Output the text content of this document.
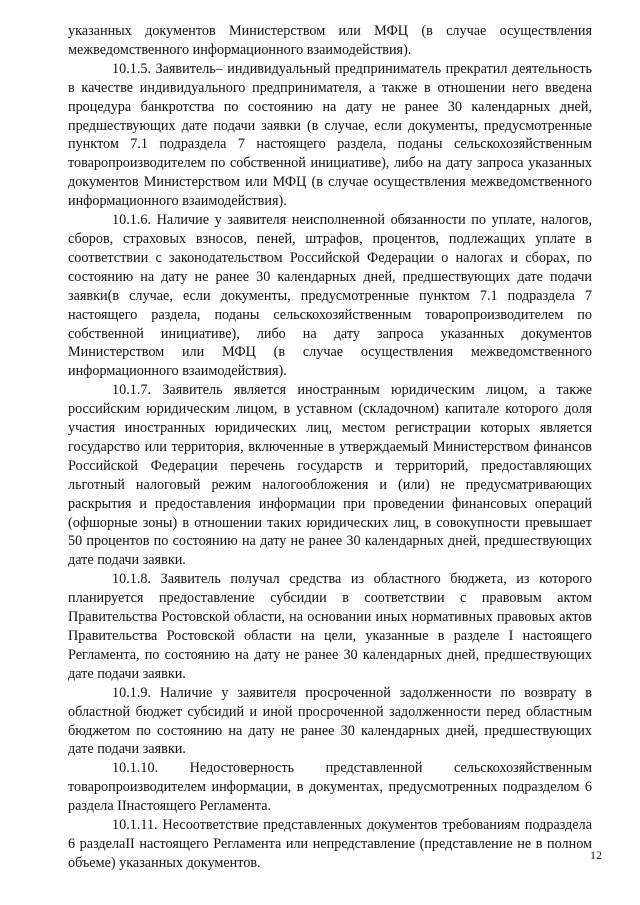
указанных документов Министерством или МФЦ (в случае осуществления межведомственного информационного взаимодействия).

10.1.5. Заявитель– индивидуальный предприниматель прекратил деятельность в качестве индивидуального предпринимателя, а также в отношении него введена процедура банкротства по состоянию на дату не ранее 30 календарных дней, предшествующих дате подачи заявки (в случае, если документы, предусмотренные пунктом 7.1 подраздела 7 настоящего раздела, поданы сельскохозяйственным товаропроизводителем по собственной инициативе), либо на дату запроса указанных документов Министерством или МФЦ (в случае осуществления межведомственного информационного взаимодействия).

10.1.6. Наличие у заявителя неисполненной обязанности по уплате, налогов, сборов, страховых взносов, пеней, штрафов, процентов, подлежащих уплате в соответствии с законодательством Российской Федерации о налогах и сборах, по состоянию на дату не ранее 30 календарных дней, предшествующих дате подачи заявки(в случае, если документы, предусмотренные пунктом 7.1 подраздела 7 настоящего раздела, поданы сельскохозяйственным товаропроизводителем по собственной инициативе), либо на дату запроса указанных документов Министерством или МФЦ (в случае осуществления межведомственного информационного взаимодействия).

10.1.7. Заявитель является иностранным юридическим лицом, а также российским юридическим лицом, в уставном (складочном) капитале которого доля участия иностранных юридических лиц, местом регистрации которых является государство или территория, включенные в утверждаемый Министерством финансов Российской Федерации перечень государств и территорий, предоставляющих льготный налоговый режим налогообложения и (или) не предусматривающих раскрытия и предоставления информации при проведении финансовых операций (офшорные зоны) в отношении таких юридических лиц, в совокупности превышает 50 процентов по состоянию на дату не ранее 30 календарных дней, предшествующих дате подачи заявки.

10.1.8. Заявитель получал средства из областного бюджета, из которого планируется предоставление субсидии в соответствии с правовым актом Правительства Ростовской области, на основании иных нормативных правовых актов Правительства Ростовской области на цели, указанные в разделе I настоящего Регламента, по состоянию на дату не ранее 30 календарных дней, предшествующих дате подачи заявки.

10.1.9. Наличие у заявителя просроченной задолженности по возврату в областной бюджет субсидий и иной просроченной задолженности перед областным бюджетом по состоянию на дату не ранее 30 календарных дней, предшествующих дате подачи заявки.

10.1.10. Недостоверность представленной сельскохозяйственным товаропроизводителем информации, в документах, предусмотренных подразделом 6 раздела IIнастоящего Регламента.

10.1.11. Несоответствие представленных документов требованиям подраздела 6 разделаII настоящего Регламента или непредставление (представление не в полном объеме) указанных документов.	12
